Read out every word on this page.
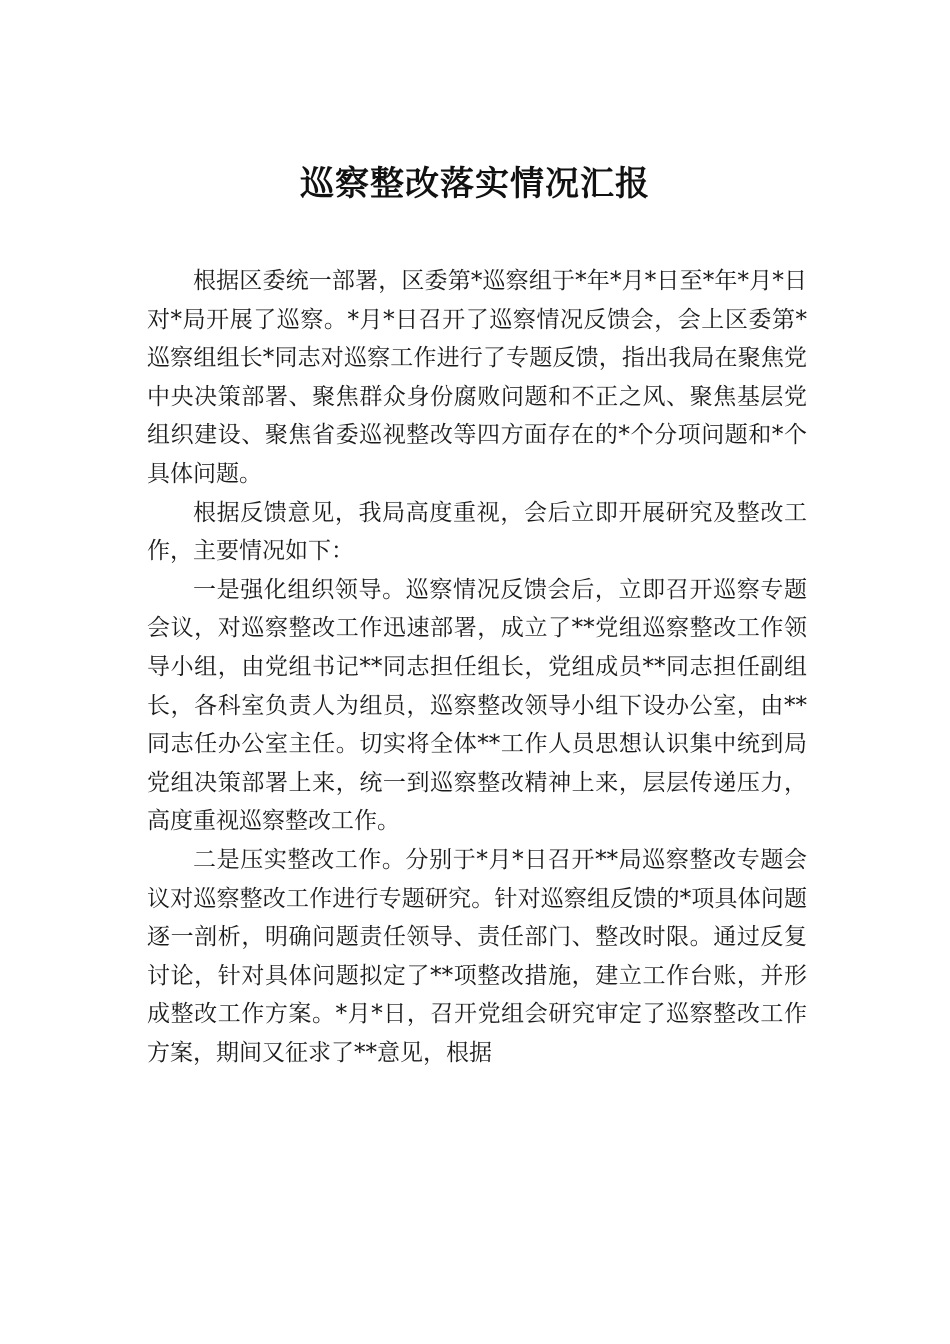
巡察整改落实情况汇报

根据区委统一部署，区委第*巡察组于*年*月*日至*年*月*日对*局开展了巡察。*月*日召开了巡察情况反馈会，会上区委第*巡察组组长*同志对巡察工作进行了专题反馈，指出我局在聚焦党中央决策部署、聚焦群众身份腐败问题和不正之风、聚焦基层党组织建设、聚焦省委巡视整改等四方面存在的*个分项问题和*个具体问题。

根据反馈意见，我局高度重视，会后立即开展研究及整改工作，主要情况如下：

一是强化组织领导。巡察情况反馈会后，立即召开巡察专题会议，对巡察整改工作迅速部署，成立了**党组巡察整改工作领导小组，由党组书记**同志担任组长，党组成员**同志担任副组长，各科室负责人为组员，巡察整改领导小组下设办公室，由**同志任办公室主任。切实将全体**工作人员思想认识集中统到局党组决策部署上来，统一到巡察整改精神上来，层层传递压力，高度重视巡察整改工作。

二是压实整改工作。分别于*月*日召开**局巡察整改专题会议对巡察整改工作进行专题研究。针对巡察组反馈的*项具体问题逐一剖析，明确问题责任领导、责任部门、整改时限。通过反复讨论，针对具体问题拟定了**项整改措施，建立工作台账，并形成整改工作方案。*月*日，召开党组会研究审定了巡察整改工作方案，期间又征求了**意见，根据
